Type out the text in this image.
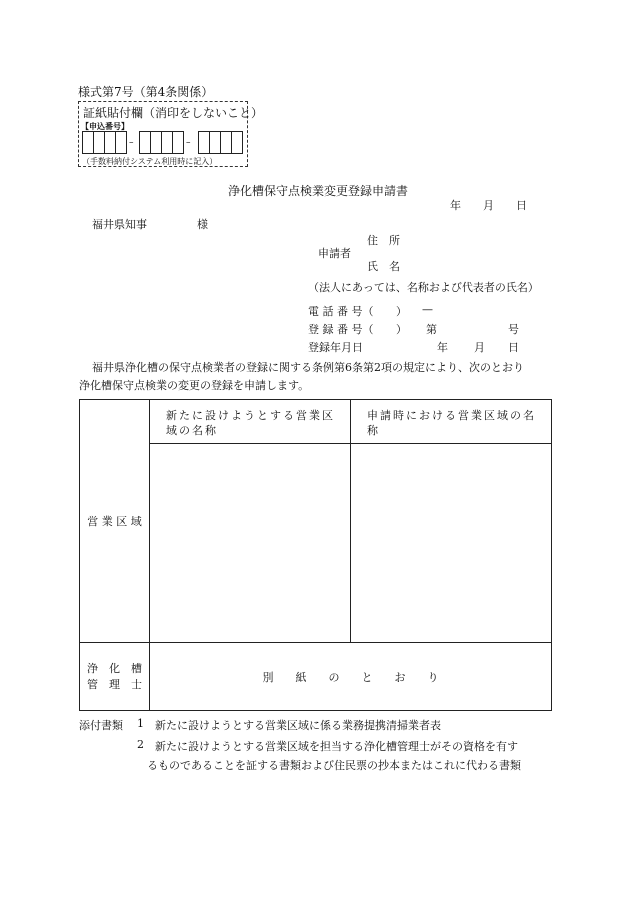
様式第7号（第4条関係）
証紙貼付欄（消印をしないこと）
【申込番号】
–	–
（手数料納付システム利用時に記入）
浄化槽保守点検業変更登録申請書
年 月 日
福井県知事	様
住　所
申請者
氏　名
（法人にあっては、名称および代表者の氏名）
電 話 番 号（ ） —
登 録 番 号（ ） 第	号
登録年月日	年 月 日
福井県浄化槽の保守点検業者の登録に関する条例第6条第2項の規定により、次のとおり
浄化槽保守点検業の変更の登録を申請します。
営 業 区 域	新たに設けようとする営業区域の名称	申請時における営業区域の名称

浄　化　槽
管　理　士	別　　紙　　の　　と　　お　　り	
添付書類 1 新たに設けようとする営業区域に係る業務提携清掃業者表
2 新たに設けようとする営業区域を担当する浄化槽管理士がその資格を有す
るものであることを証する書類および住民票の抄本またはこれに代わる書類
